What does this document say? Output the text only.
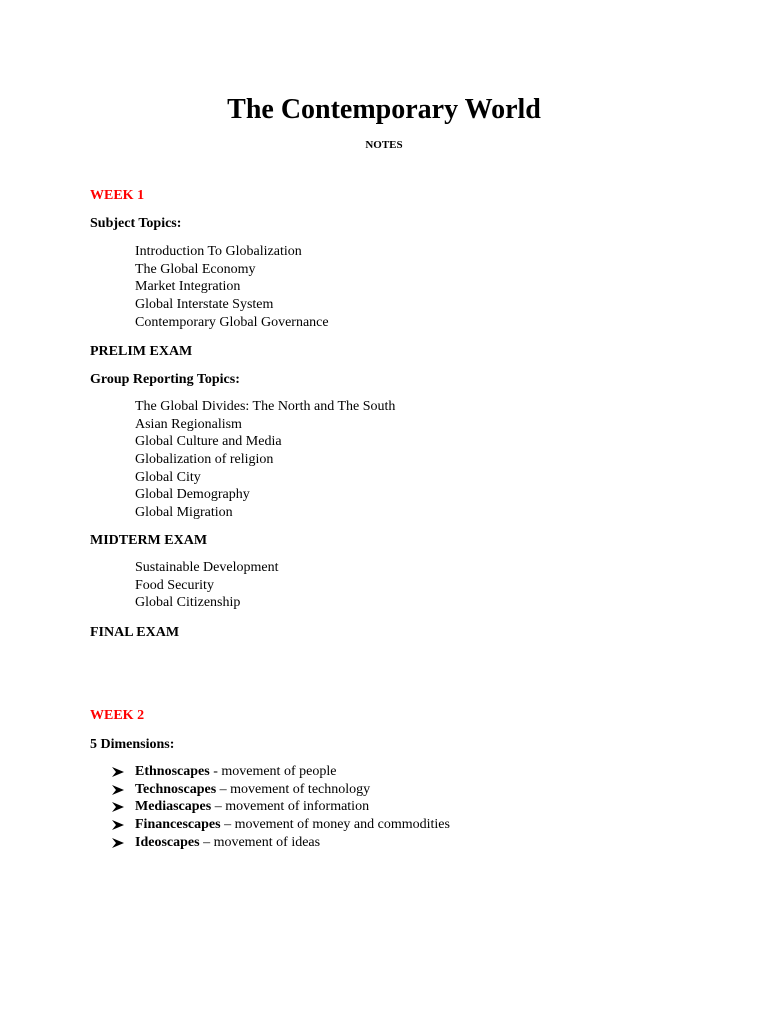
The Contemporary World
NOTES
WEEK 1
Subject Topics:
Introduction To Globalization
The Global Economy
Market Integration
Global Interstate System
Contemporary Global Governance
PRELIM EXAM
Group Reporting Topics:
The Global Divides: The North and The South
Asian Regionalism
Global Culture and Media
Globalization of religion
Global City
Global Demography
Global Migration
MIDTERM EXAM
Sustainable Development
Food Security
Global Citizenship
FINAL EXAM
WEEK 2
5 Dimensions:
Ethnoscapes - movement of people
Technoscapes – movement of technology
Mediascapes – movement of information
Financescapes – movement of money and commodities
Ideoscapes – movement of ideas
